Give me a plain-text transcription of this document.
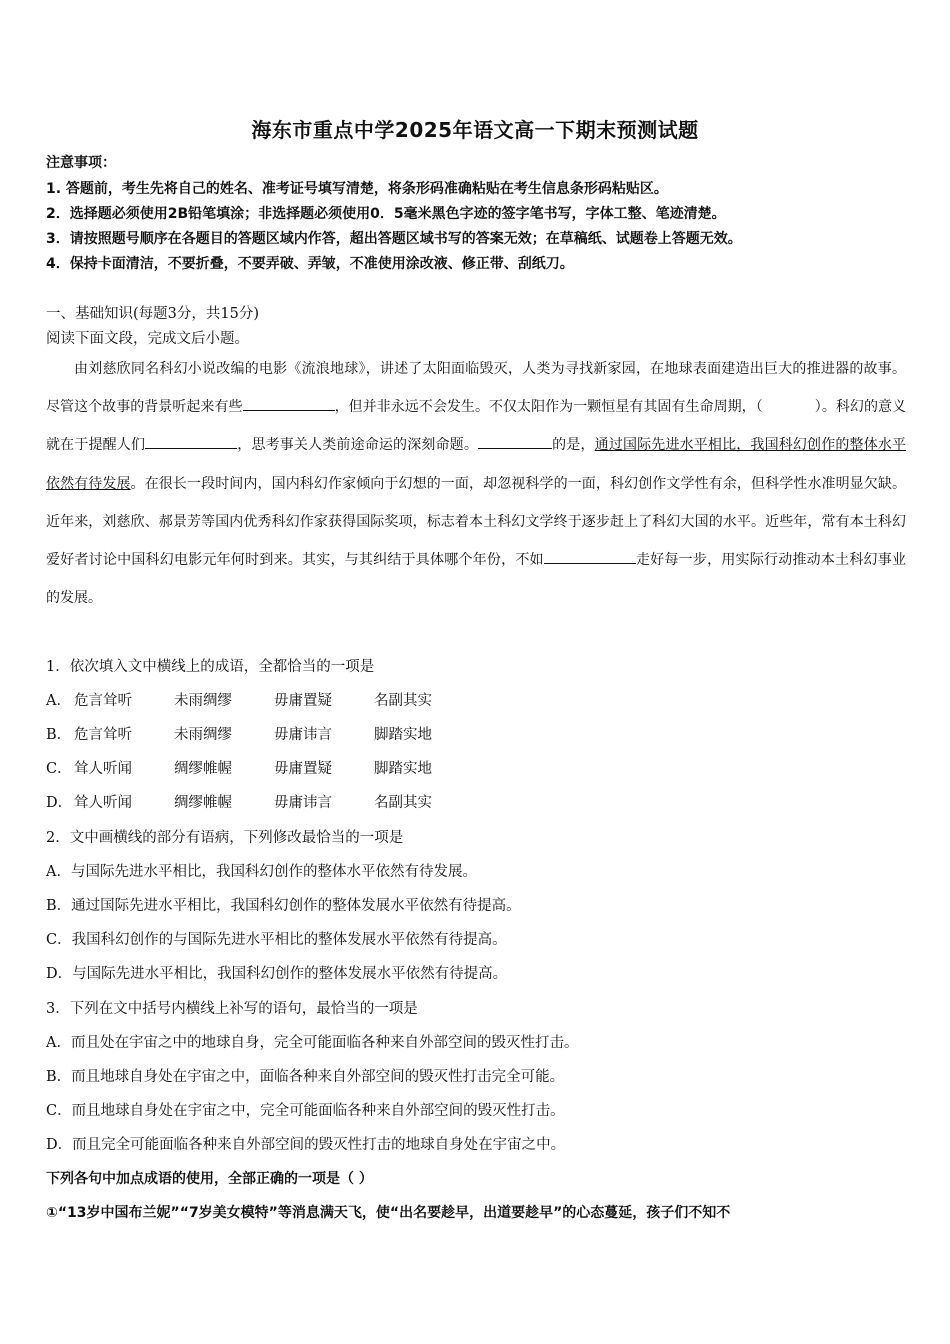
海东市重点中学2025年语文高一下期末预测试题
注意事项：
1. 答题前，考生先将自己的姓名、准考证号填写清楚，将条形码准确粘贴在考生信息条形码粘贴区。
2．选择题必须使用2B铅笔填涂；非选择题必须使用0．5毫米黑色字迹的签字笔书写，字体工整、笔迹清楚。
3．请按照题号顺序在各题目的答题区域内作答，超出答题区域书写的答案无效；在草稿纸、试题卷上答题无效。
4．保持卡面清洁，不要折叠，不要弄破、弄皱，不准使用涂改液、修正带、刮纸刀。
一、基础知识(每题3分，共15分)
阅读下面文段，完成文后小题。

由刘慈欣同名科幻小说改编的电影《流浪地球》，讲述了太阳面临毁灭，人类为寻找新家园，在地球表面建造出巨大的推进器的故事。尽管这个故事的背景听起来有些	，但并非永远不会发生。不仅太阳作为一颗恒星有其固有生命周期，（	）。科幻的意义就在于提醒人们	，思考事关人类前途命运的深刻命题。	的是，通过国际先进水平相比，我国科幻创作的整体水平依然有待发展。在很长一段时间内，国内科幻作家倾向于幻想的一面，却忽视科学的一面，科幻创作文学性有余，但科学性水准明显欠缺。近年来，刘慈欣、郝景芳等国内优秀科幻作家获得国际奖项，标志着本土科幻文学终于逐步赶上了科幻大国的水平。近些年，常有本土科幻爱好者讨论中国科幻电影元年何时到来。其实，与其纠结于具体哪个年份，不如	走好每一步，用实际行动推动本土科幻事业的发展。

1．依次填入文中横线上的成语，全都恰当的一项是
A． 危言耸听	未雨绸缪	毋庸置疑	名副其实
B． 危言耸听	未雨绸缪	毋庸讳言	脚踏实地
C． 耸人听闻	绸缪帷幄	毋庸置疑	脚踏实地
D． 耸人听闻	绸缪帷幄	毋庸讳言	名副其实
2．文中画横线的部分有语病，下列修改最恰当的一项是
A．与国际先进水平相比，我国科幻创作的整体水平依然有待发展。
B．通过国际先进水平相比，我国科幻创作的整体发展水平依然有待提高。
C．我国科幻创作的与国际先进水平相比的整体发展水平依然有待提高。
D．与国际先进水平相比，我国科幻创作的整体发展水平依然有待提高。
3．下列在文中括号内横线上补写的语句，最恰当的一项是
A．而且处在宇宙之中的地球自身，完全可能面临各种来自外部空间的毁灭性打击。
B．而且地球自身处在宇宙之中，面临各种来自外部空间的毁灭性打击完全可能。
C．而且地球自身处在宇宙之中，完全可能面临各种来自外部空间的毁灭性打击。
D．而且完全可能面临各种来自外部空间的毁灭性打击的地球自身处在宇宙之中。
下列各句中加点成语的使用，全部正确的一项是（ ）
①“13岁中国布兰妮”“7岁美女模特”等消息满天飞，使“出名要趁早，出道要趁早”的心态蔓延，孩子们不知不
